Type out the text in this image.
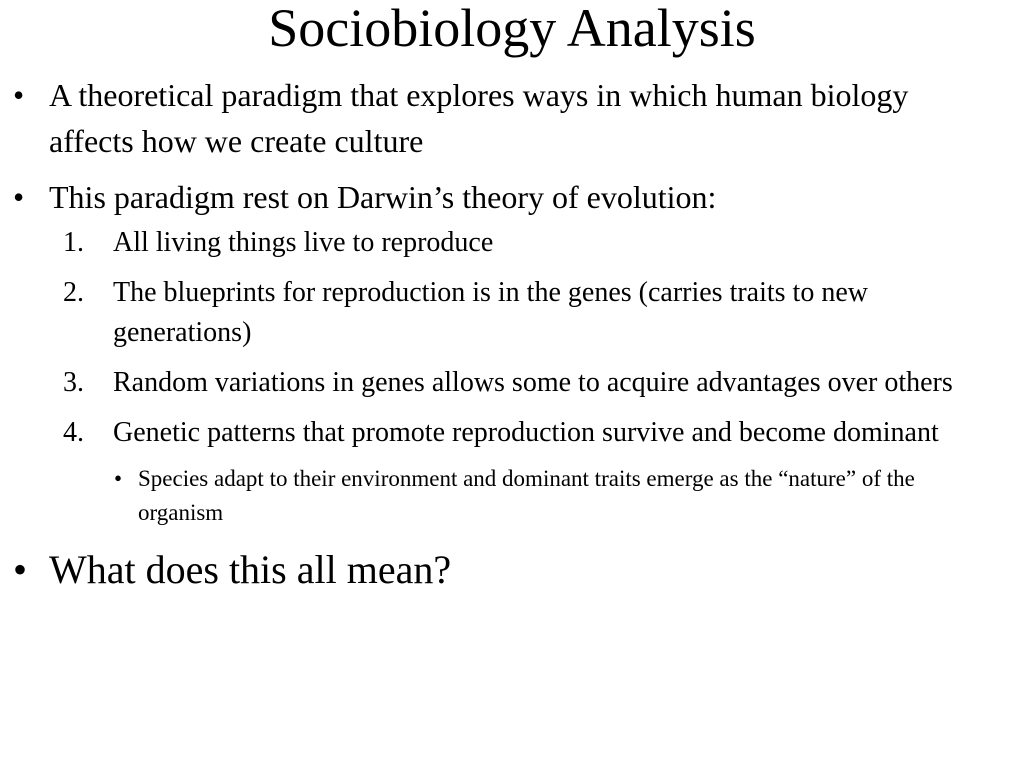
Sociobiology Analysis
• A theoretical paradigm that explores ways in which human biology affects how we create culture
• This paradigm rest on Darwin’s theory of evolution:
1. All living things live to reproduce
2. The blueprints for reproduction is in the genes (carries traits to new generations)
3. Random variations in genes allows some to acquire advantages over others
4. Genetic patterns that promote reproduction survive and become dominant
• Species adapt to their environment and dominant traits emerge as the “nature” of the organism
• What does this all mean?
